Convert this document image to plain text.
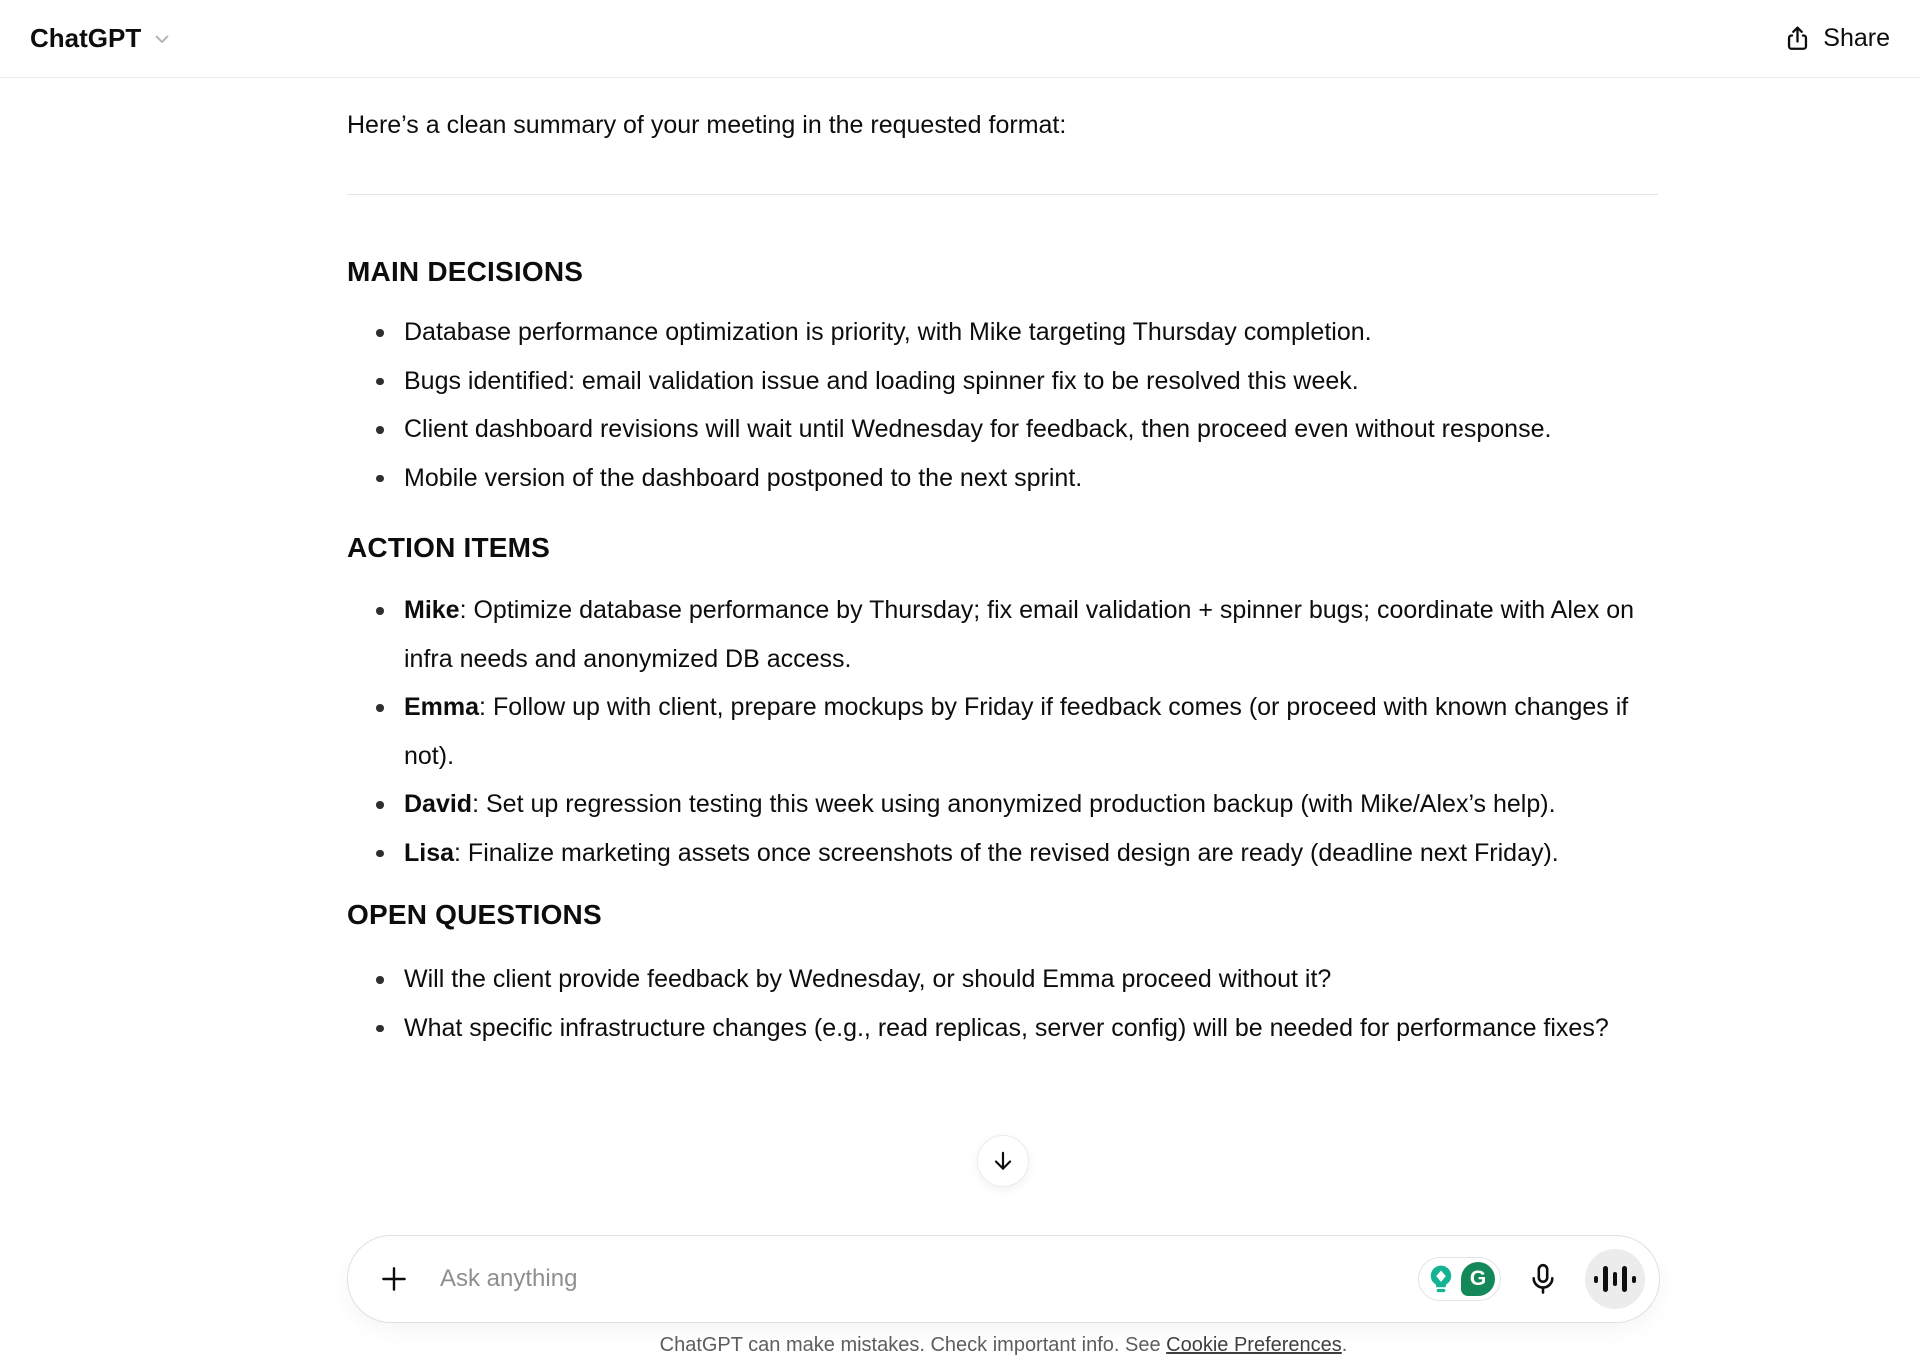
ChatGPT	Share

Here’s a clean summary of your meeting in the requested format:

MAIN DECISIONS
Database performance optimization is priority, with Mike targeting Thursday completion.
Bugs identified: email validation issue and loading spinner fix to be resolved this week.
Client dashboard revisions will wait until Wednesday for feedback, then proceed even without response.
Mobile version of the dashboard postponed to the next sprint.
ACTION ITEMS
Mike: Optimize database performance by Thursday; fix email validation + spinner bugs; coordinate with Alex on infra needs and anonymized DB access.
Emma: Follow up with client, prepare mockups by Friday if feedback comes (or proceed with known changes if not).
David: Set up regression testing this week using anonymized production backup (with Mike/Alex’s help).
Lisa: Finalize marketing assets once screenshots of the revised design are ready (deadline next Friday).
OPEN QUESTIONS
Will the client provide feedback by Wednesday, or should Emma proceed without it?
What specific infrastructure changes (e.g., read replicas, server config) will be needed for performance fixes?
Ask anything
G
ChatGPT can make mistakes. Check important info. See Cookie Preferences.
